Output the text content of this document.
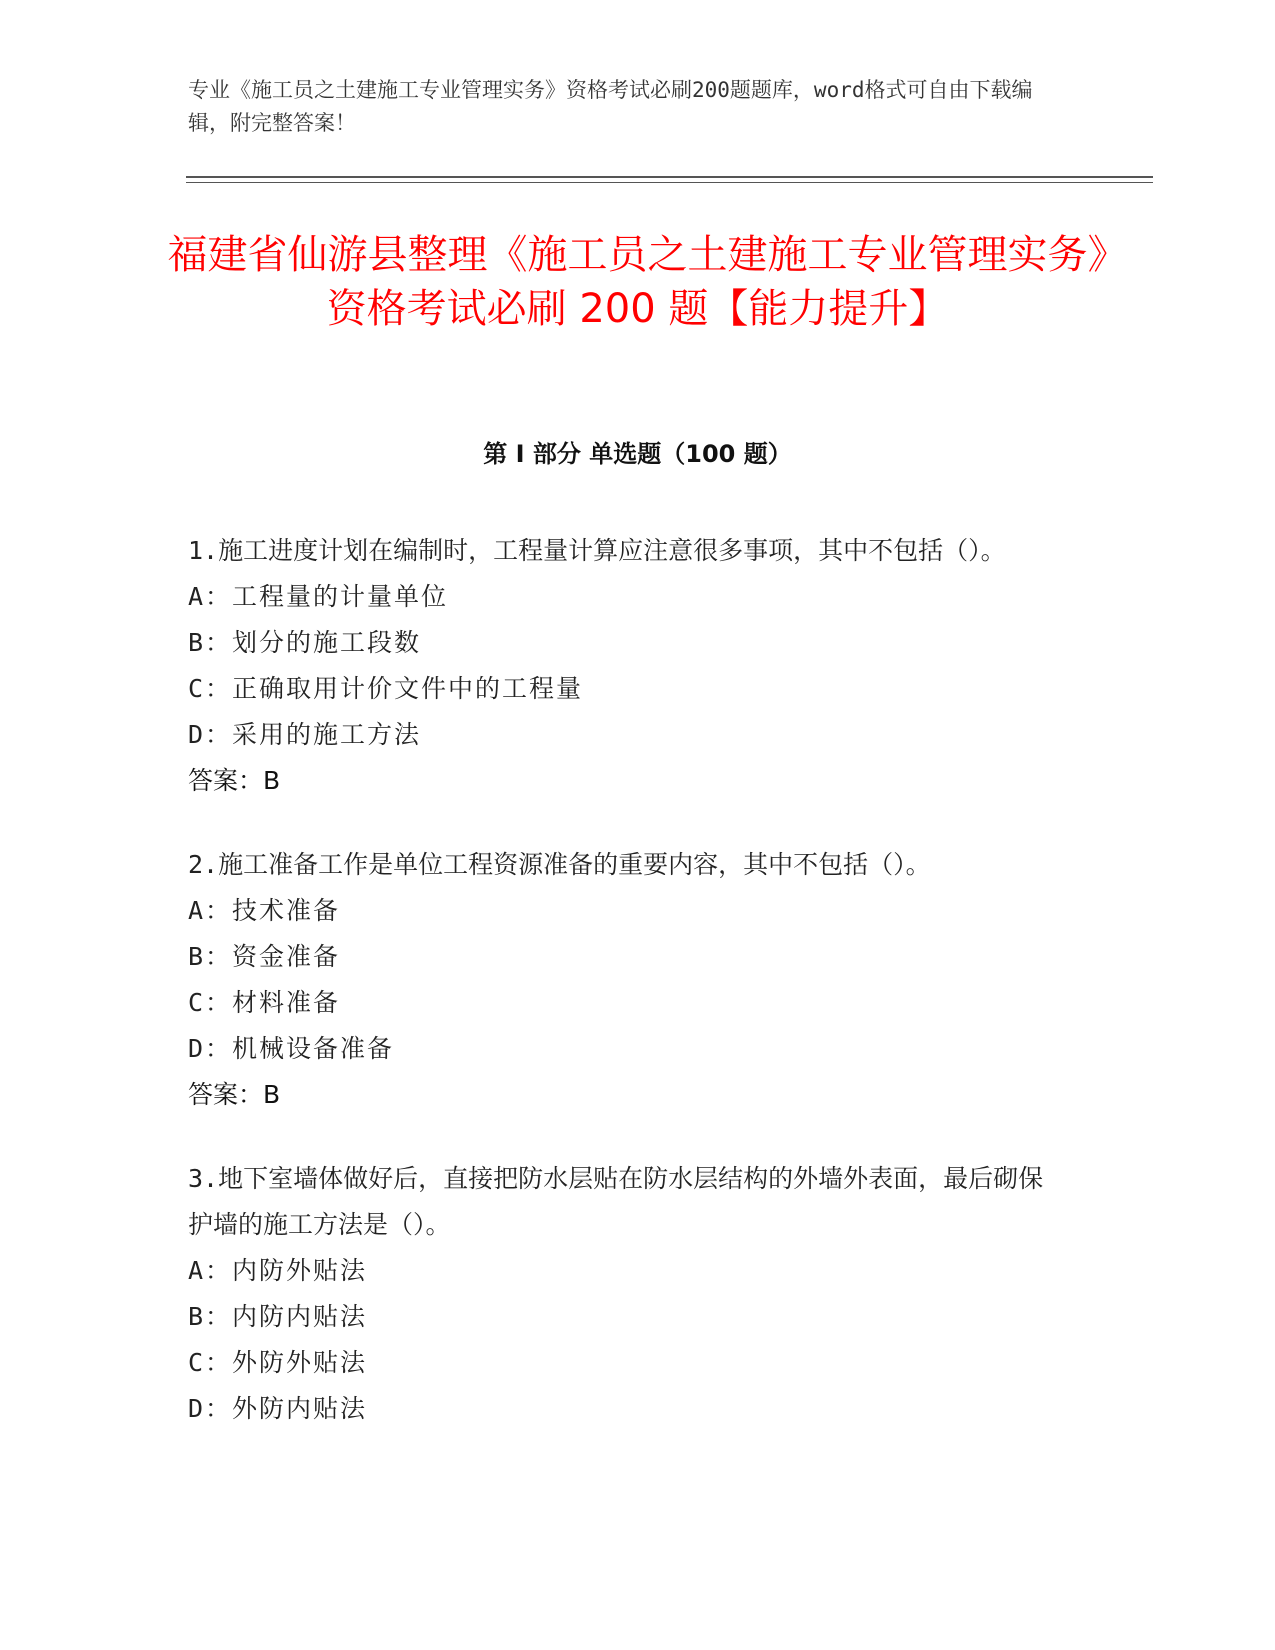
专业《施工员之土建施工专业管理实务》资格考试必刷200题题库，word格式可自由下载编辑，附完整答案！
福建省仙游县整理《施工员之土建施工专业管理实务》资格考试必刷 200 题【能力提升】
第 I 部分 单选题（100 题）
1.施工进度计划在编制时，工程量计算应注意很多事项，其中不包括（）。
A：工程量的计量单位
B：划分的施工段数
C：正确取用计价文件中的工程量
D：采用的施工方法
答案：B
2.施工准备工作是单位工程资源准备的重要内容，其中不包括（）。
A：技术准备
B：资金准备
C：材料准备
D：机械设备准备
答案：B
3.地下室墙体做好后，直接把防水层贴在防水层结构的外墙外表面，最后砌保护墙的施工方法是（）。
A：内防外贴法
B：内防内贴法
C：外防外贴法
D：外防内贴法
